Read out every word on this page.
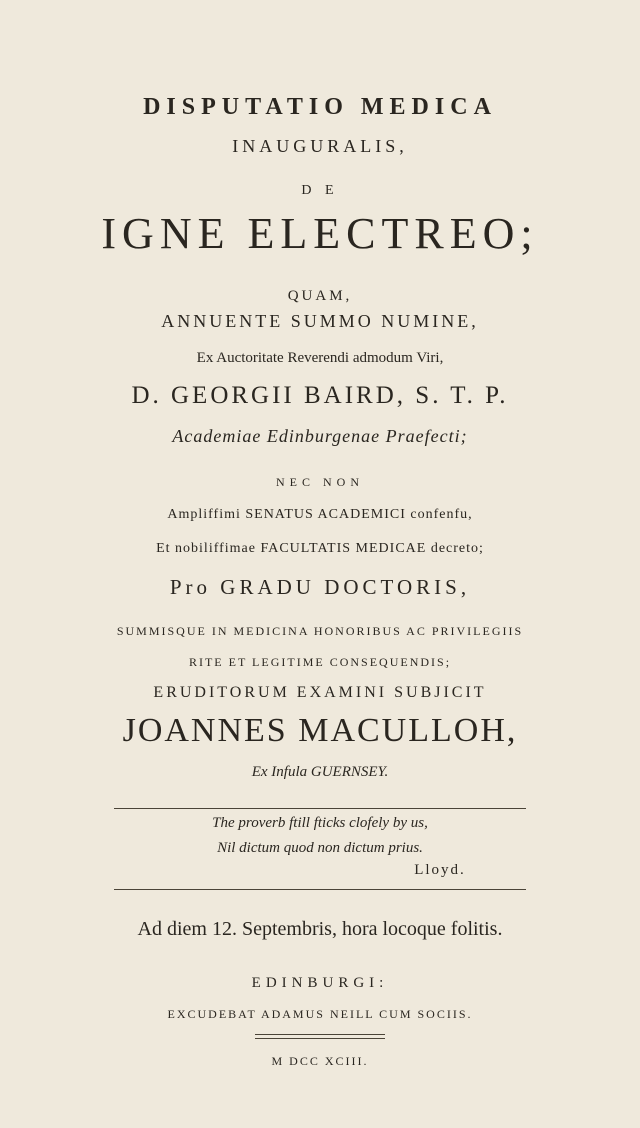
DISPUTATIO MEDICA
INAUGURALIS,
D E
IGNE ELECTREO;
QUAM,
ANNUENTE SUMMO NUMINE,
Ex Auctoritate Reverendi admodum Viri,
D. GEORGII BAIRD, S. T. P.
Academiae Edinburgenae Praefecti;
NEC NON
Ampliffimi SENATUS ACADEMICI confenfu,
Et nobiliffimae FACULTATIS MEDICAE decreto;
Pro GRADU DOCTORIS,
SUMMISQUE IN MEDICINA HONORIBUS AC PRIVILEGIIS
RITE ET LEGITIME CONSEQUENDIS;
ERUDITORUM EXAMINI SUBJICIT
JOANNES MACULLOH,
Ex Infula GUERNSEY.
The proverb ftill fticks clofely by us,
Nil dictum quod non dictum prius.
Lloyd.
Ad diem 12. Septembris, hora locoque folitis.
EDINBURGI:
EXCUDEBAT ADAMUS NEILL CUM SOCIIS.
M DCC XCIII.
